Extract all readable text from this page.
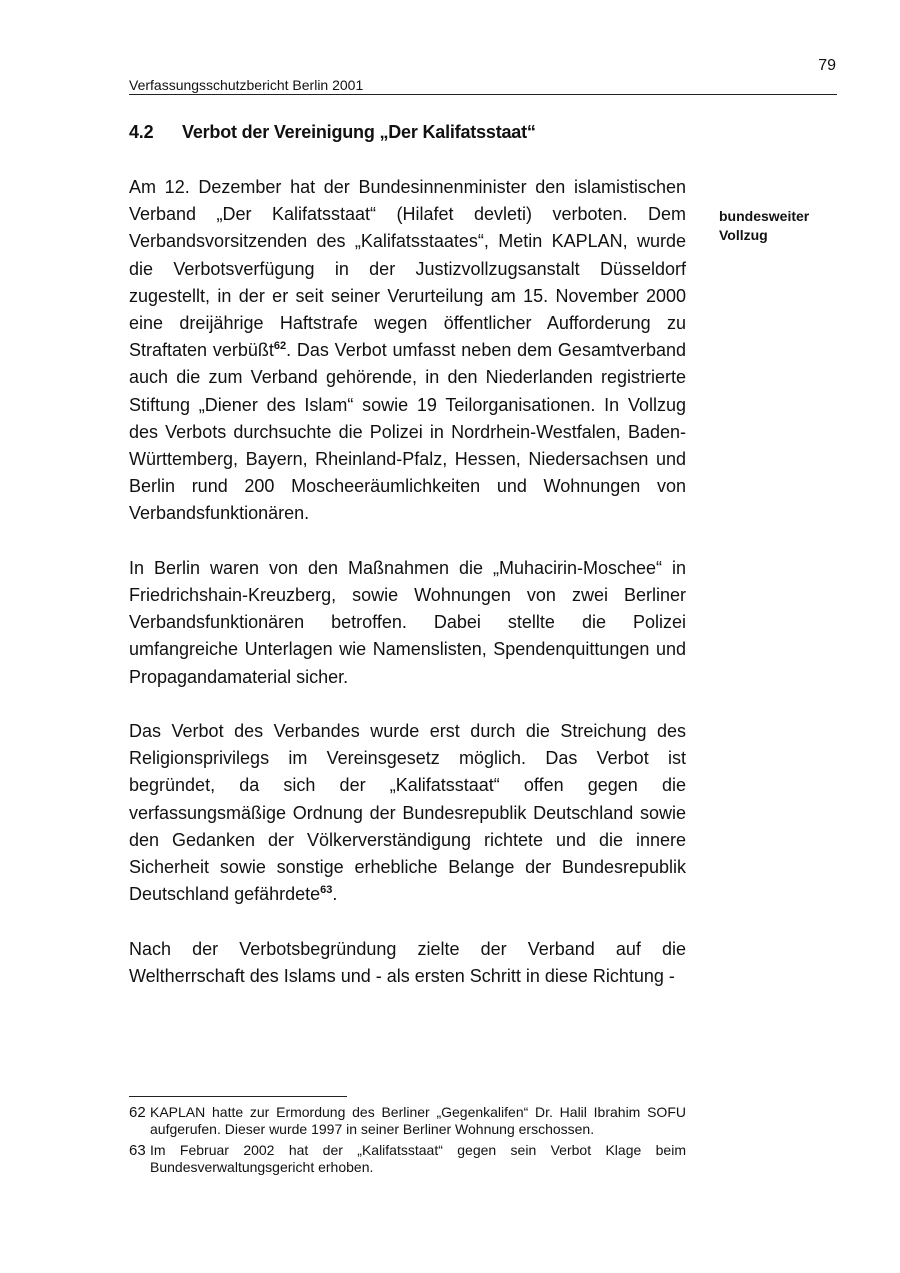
79
Verfassungsschutzbericht Berlin 2001
4.2 Verbot der Vereinigung „Der Kalifatsstaat“
bundesweiter
Vollzug

Am 12. Dezember hat der Bundesinnenminister den islamistischen Verband „Der Kalifatsstaat“ (Hilafet devleti) verboten. Dem Verbandsvorsitzenden des „Kalifatsstaates“, Metin KAPLAN, wurde die Verbotsverfügung in der Justizvollzugsanstalt Düsseldorf zugestellt, in der er seit seiner Verurteilung am 15. November 2000 eine dreijährige Haftstrafe wegen öffentlicher Aufforderung zu Straftaten verbüßt$^{62}$. Das Verbot umfasst neben dem Gesamtverband auch die zum Verband gehörende, in den Niederlanden registrierte Stiftung „Diener des Islam“ sowie 19 Teilorganisationen. In Vollzug des Verbots durchsuchte die Polizei in Nordrhein-Westfalen, Baden-Württemberg, Bayern, Rheinland-Pfalz, Hessen, Niedersachsen und Berlin rund 200 Moscheeräumlichkeiten und Wohnungen von Verbandsfunktionären.

In Berlin waren von den Maßnahmen die „Muhacirin-Moschee“ in Friedrichshain-Kreuzberg, sowie Wohnungen von zwei Berliner Verbandsfunktionären betroffen. Dabei stellte die Polizei umfangreiche Unterlagen wie Namenslisten, Spendenquittungen und Propagandamaterial sicher.

Das Verbot des Verbandes wurde erst durch die Streichung des Religionsprivilegs im Vereinsgesetz möglich. Das Verbot ist begründet, da sich der „Kalifatsstaat“ offen gegen die verfassungsmäßige Ordnung der Bundesrepublik Deutschland sowie den Gedanken der Völkerverständigung richtete und die innere Sicherheit sowie sonstige erhebliche Belange der Bundesrepublik Deutschland gefährdete$^{63}$.

Nach der Verbotsbegründung zielte der Verband auf die Weltherrschaft des Islams und - als ersten Schritt in diese Richtung -

62 KAPLAN hatte zur Ermordung des Berliner „Gegenkalifen“ Dr. Halil Ibrahim SOFU aufgerufen. Dieser wurde 1997 in seiner Berliner Wohnung erschossen.
63 Im Februar 2002 hat der „Kalifatsstaat“ gegen sein Verbot Klage beim Bundesverwaltungsgericht erhoben.
